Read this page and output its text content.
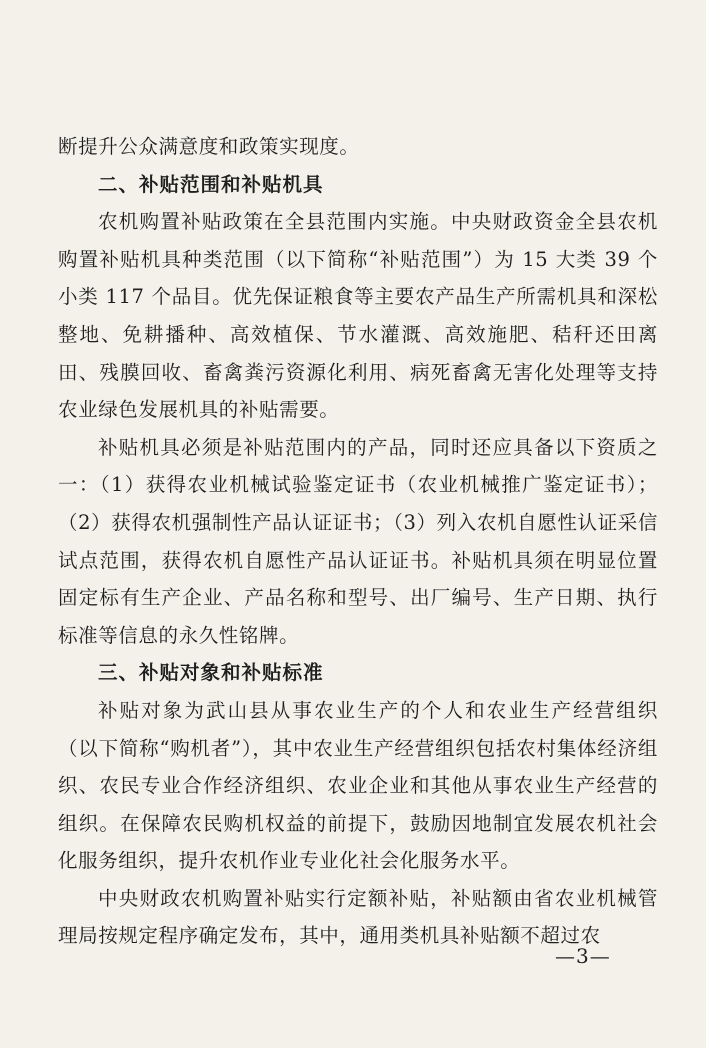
断提升公众满意度和政策实现度。

二、补贴范围和补贴机具

农机购置补贴政策在全县范围内实施。中央财政资金全县农机购置补贴机具种类范围（以下简称“补贴范围”）为 15 大类 39 个小类 117 个品目。优先保证粮食等主要农产品生产所需机具和深松整地、免耕播种、高效植保、节水灌溉、高效施肥、秸秆还田离田、残膜回收、畜禽粪污资源化利用、病死畜禽无害化处理等支持农业绿色发展机具的补贴需要。

补贴机具必须是补贴范围内的产品，同时还应具备以下资质之一：（1）获得农业机械试验鉴定证书（农业机械推广鉴定证书）；（2）获得农机强制性产品认证证书；（3）列入农机自愿性认证采信试点范围，获得农机自愿性产品认证证书。补贴机具须在明显位置固定标有生产企业、产品名称和型号、出厂编号、生产日期、执行标准等信息的永久性铭牌。

三、补贴对象和补贴标准

补贴对象为武山县从事农业生产的个人和农业生产经营组织（以下简称“购机者”），其中农业生产经营组织包括农村集体经济组织、农民专业合作经济组织、农业企业和其他从事农业生产经营的组织。在保障农民购机权益的前提下，鼓励因地制宜发展农机社会化服务组织，提升农机作业专业化社会化服务水平。

中央财政农机购置补贴实行定额补贴，补贴额由省农业机械管理局按规定程序确定发布，其中，通用类机具补贴额不超过农

—3—
